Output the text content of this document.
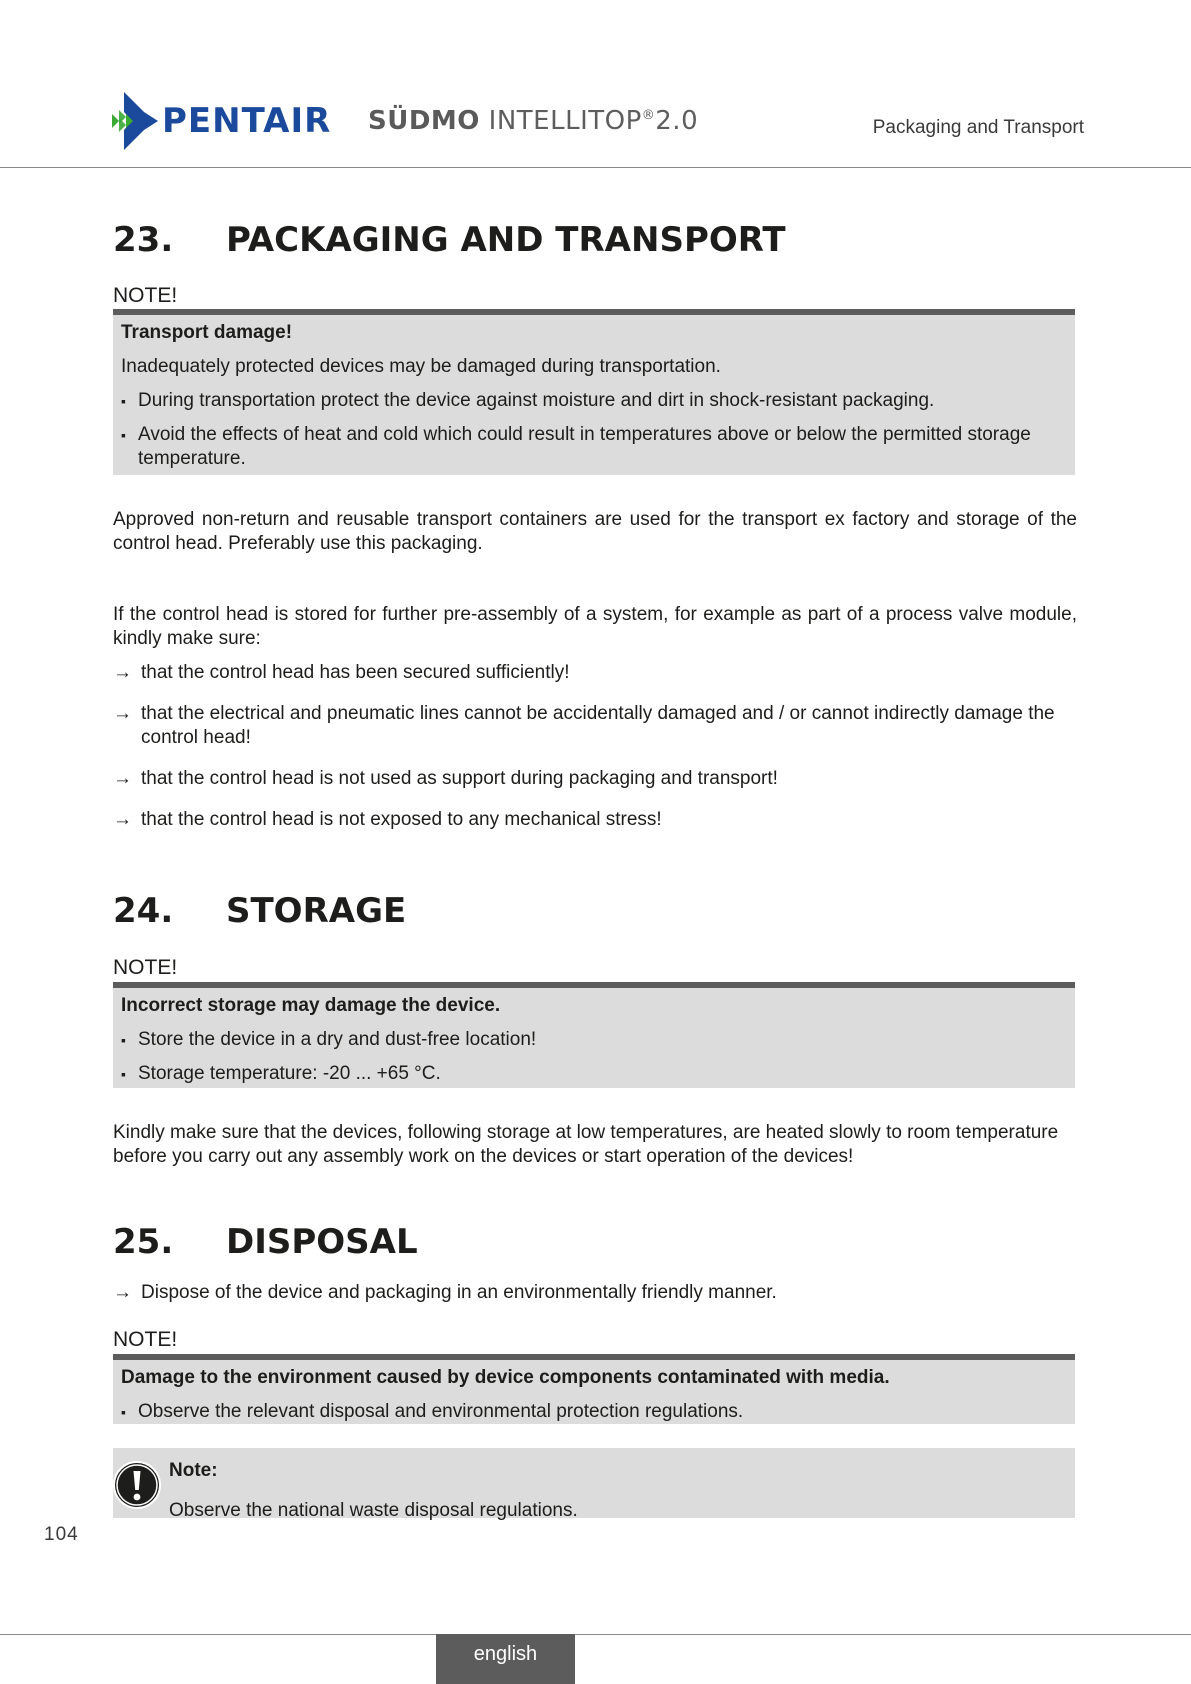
PENTAIR SÜDMO INTELLITOP®2.0	Packaging and Transport
23.	PACKAGING AND TRANSPORT
NOTE!
Transport damage!
Inadequately protected devices may be damaged during transportation.
▪ During transportation protect the device against moisture and dirt in shock-resistant packaging.
▪ Avoid the effects of heat and cold which could result in temperatures above or below the permitted storage temperature.
Approved non-return and reusable transport containers are used for the transport ex factory and storage of the control head. Preferably use this packaging.
If the control head is stored for further pre-assembly of a system, for example as part of a process valve module, kindly make sure:
→ that the control head has been secured sufficiently!
→ that the electrical and pneumatic lines cannot be accidentally damaged and / or cannot indirectly damage the control head!
→ that the control head is not used as support during packaging and transport!
→ that the control head is not exposed to any mechanical stress!
24.	STORAGE
NOTE!
Incorrect storage may damage the device.
▪ Store the device in a dry and dust-free location!
▪ Storage temperature: -20 ... +65 °C.
Kindly make sure that the devices, following storage at low temperatures, are heated slowly to room temperature before you carry out any assembly work on the devices or start operation of the devices!
25.	DISPOSAL
→ Dispose of the device and packaging in an environmentally friendly manner.
NOTE!
Damage to the environment caused by device components contaminated with media.
▪ Observe the relevant disposal and environmental protection regulations.
Note:
Observe the national waste disposal regulations.
104
english
